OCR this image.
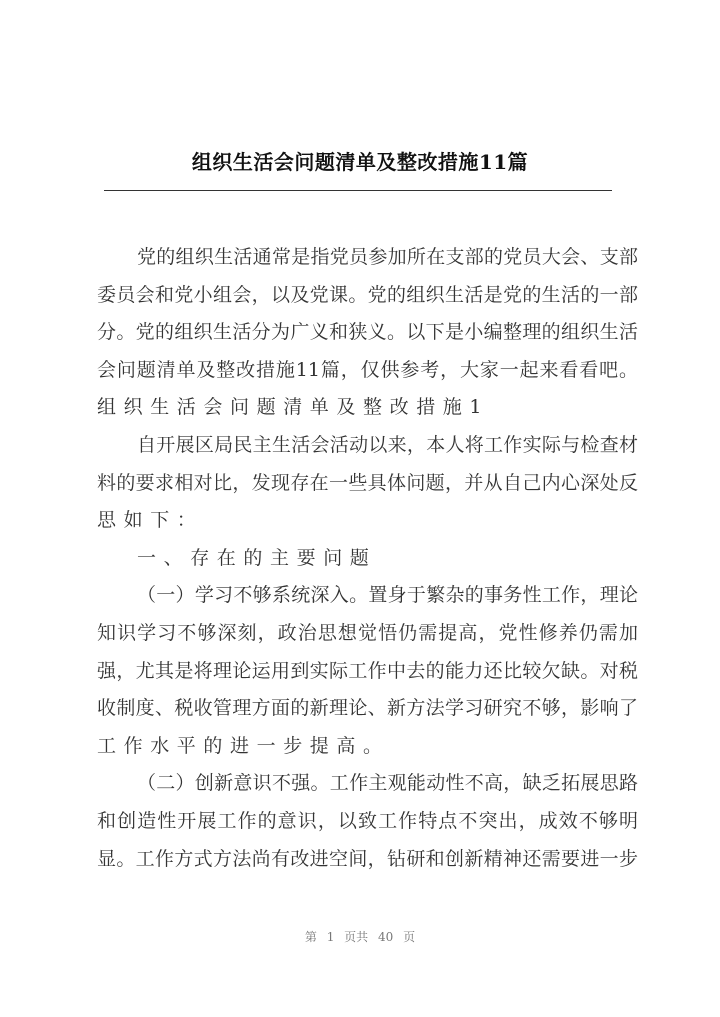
组织生活会问题清单及整改措施11篇
党的组织生活通常是指党员参加所在支部的党员大会、支部
委员会和党小组会，以及党课。党的组织生活是党的生活的一部
分。党的组织生活分为广义和狭义。以下是小编整理的组织生活
会问题清单及整改措施11篇，仅供参考，大家一起来看看吧。
组织生活会问题清单及整改措施1
自开展区局民主生活会活动以来，本人将工作实际与检查材
料的要求相对比，发现存在一些具体问题，并从自己内心深处反
思如下：
一、存在的主要问题
（一）学习不够系统深入。置身于繁杂的事务性工作，理论
知识学习不够深刻，政治思想觉悟仍需提高，党性修养仍需加
强，尤其是将理论运用到实际工作中去的能力还比较欠缺。对税
收制度、税收管理方面的新理论、新方法学习研究不够，影响了
工作水平的进一步提高。
（二）创新意识不强。工作主观能动性不高，缺乏拓展思路
和创造性开展工作的意识，以致工作特点不突出，成效不够明
显。工作方式方法尚有改进空间，钻研和创新精神还需要进一步
第 1 页共 40 页
